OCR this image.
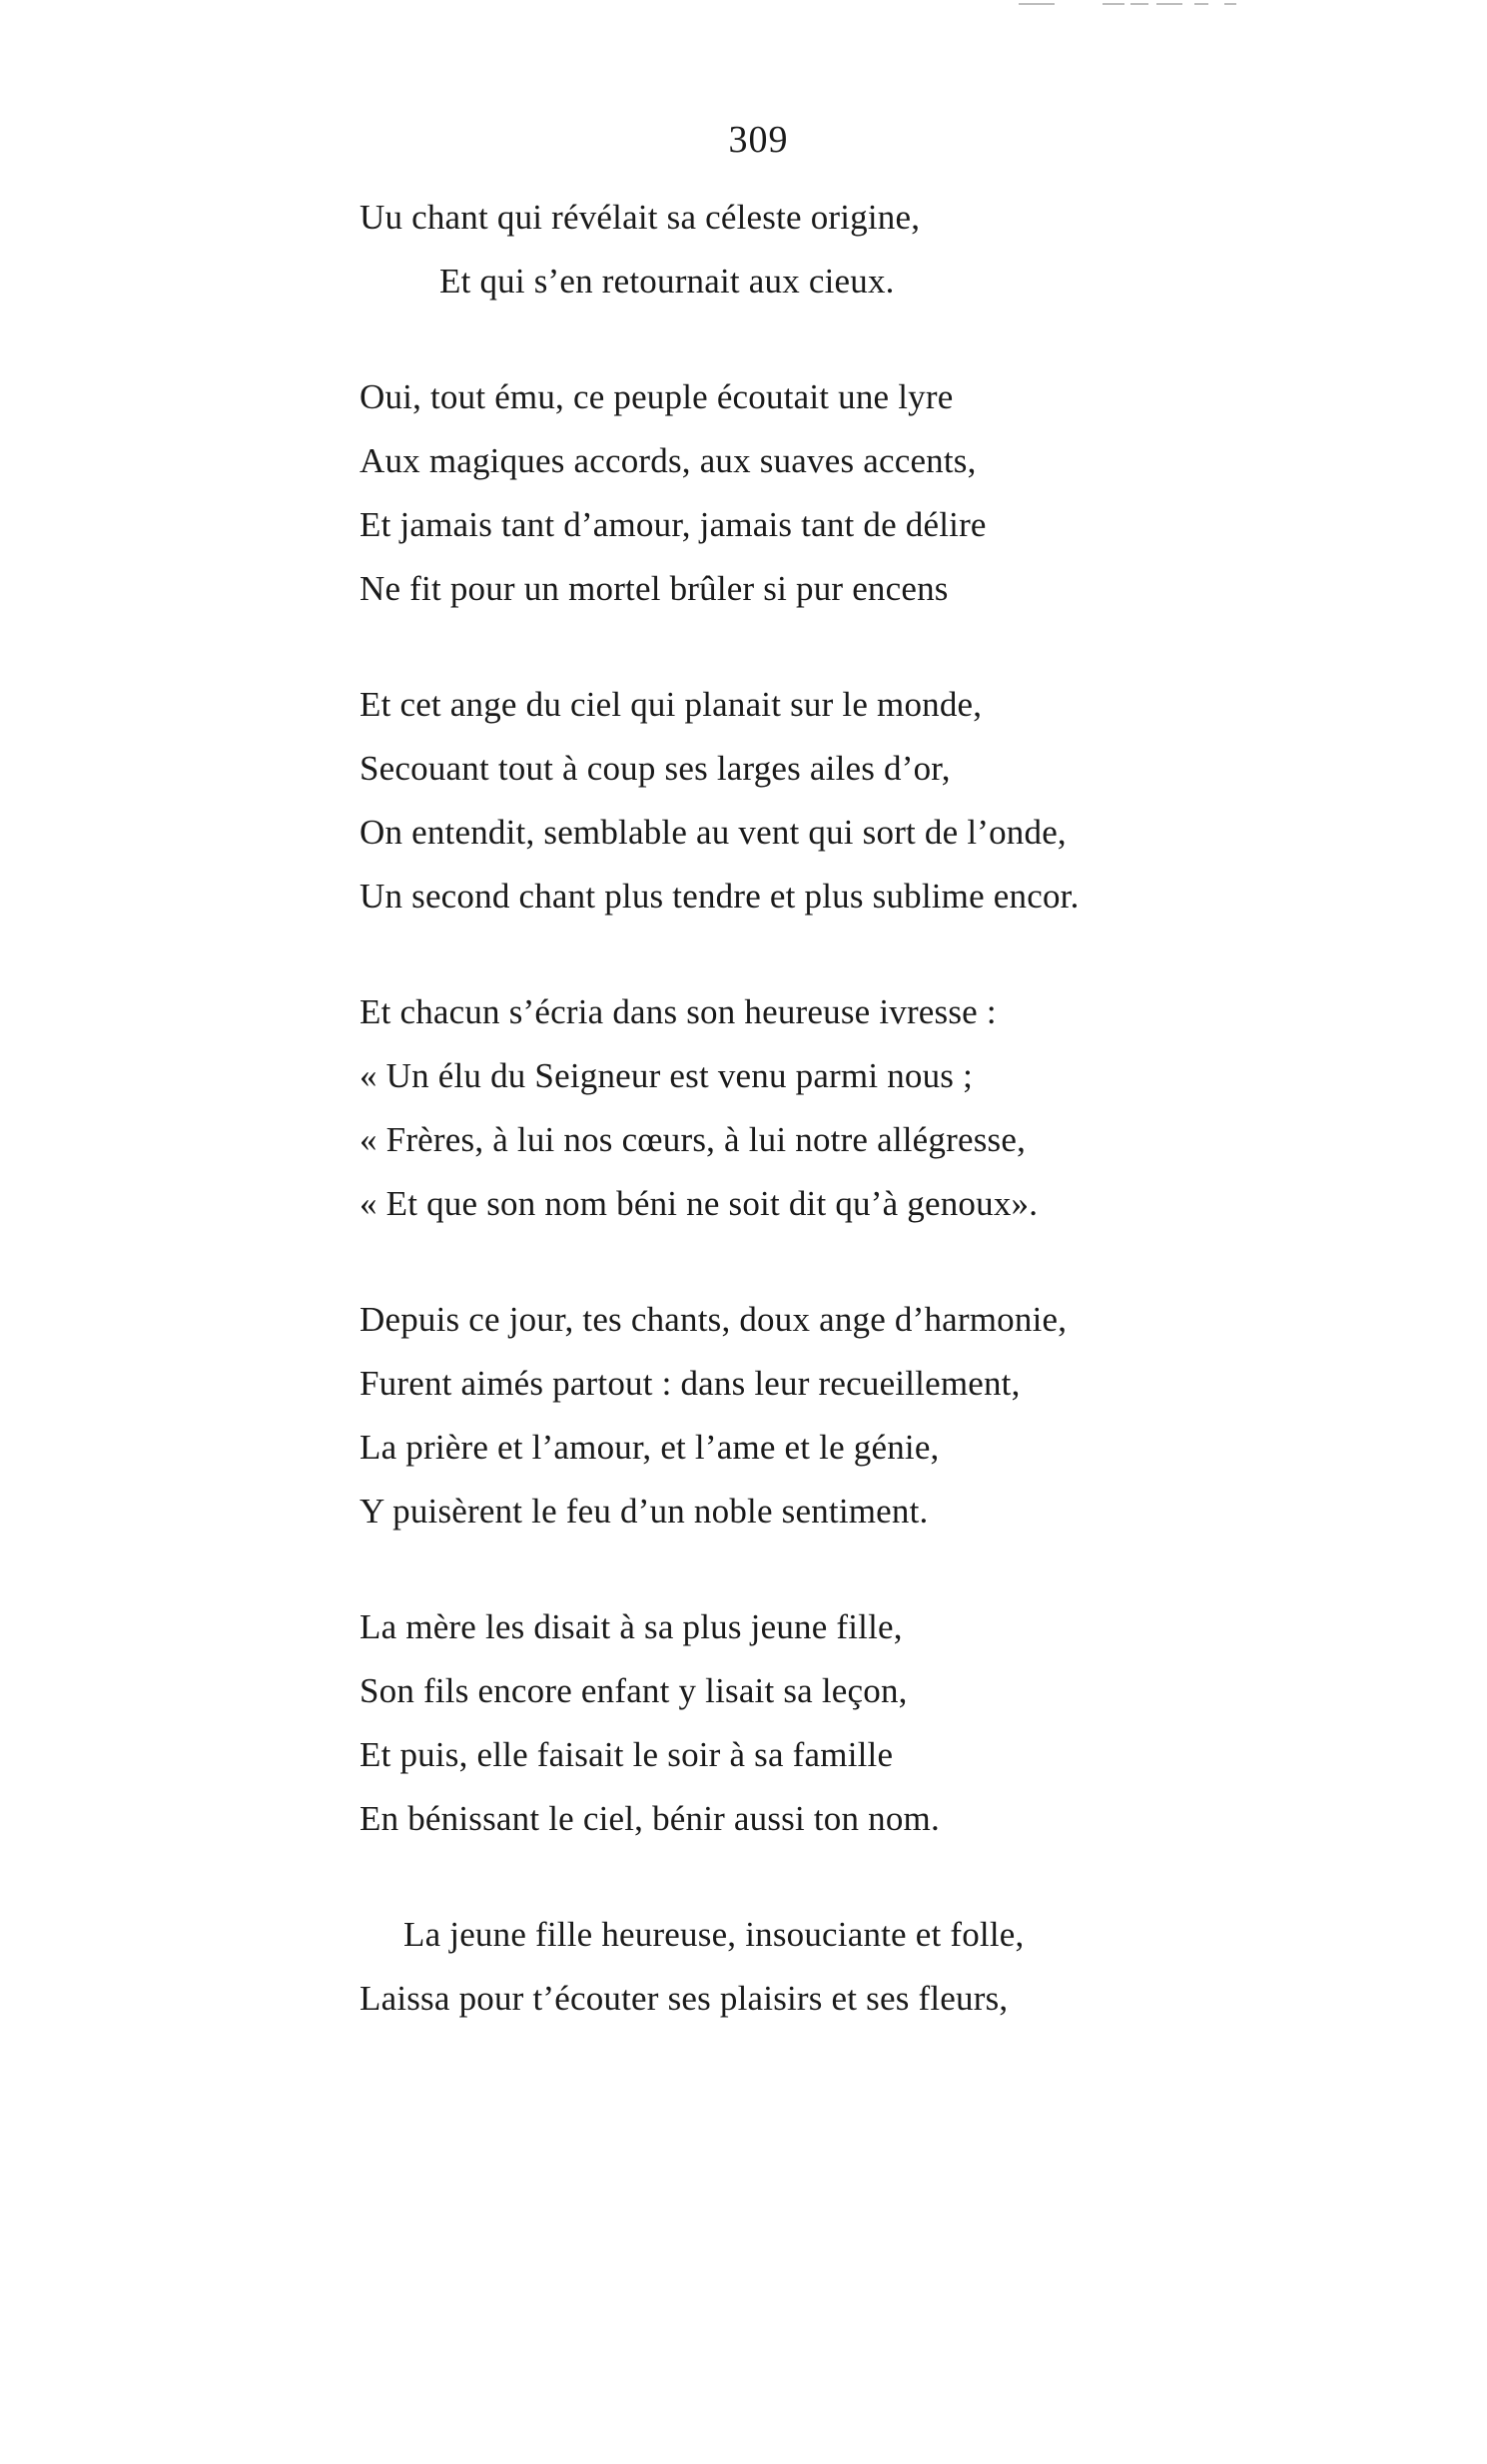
309
Uu chant qui révélait sa céleste origine,
Et qui s’en retournait aux cieux.
Oui, tout ému, ce peuple écoutait une lyre
Aux magiques accords, aux suaves accents,
Et jamais tant d’amour, jamais tant de délire
Ne fit pour un mortel brûler si pur encens
Et cet ange du ciel qui planait sur le monde,
Secouant tout à coup ses larges ailes d’or,
On entendit, semblable au vent qui sort de l’onde,
Un second chant plus tendre et plus sublime encor.
Et chacun s’écria dans son heureuse ivresse :
« Un élu du Seigneur est venu parmi nous ;
« Frères, à lui nos cœurs, à lui notre allégresse,
« Et que son nom béni ne soit dit qu’à genoux».
Depuis ce jour, tes chants, doux ange d’harmonie,
Furent aimés partout : dans leur recueillement,
La prière et l’amour, et l’ame et le génie,
Y puisèrent le feu d’un noble sentiment.
La mère les disait à sa plus jeune fille,
Son fils encore enfant y lisait sa leçon,
Et puis, elle faisait le soir à sa famille
En bénissant le ciel, bénir aussi ton nom.
La jeune fille heureuse, insouciante et folle,
Laissa pour t’écouter ses plaisirs et ses fleurs,
